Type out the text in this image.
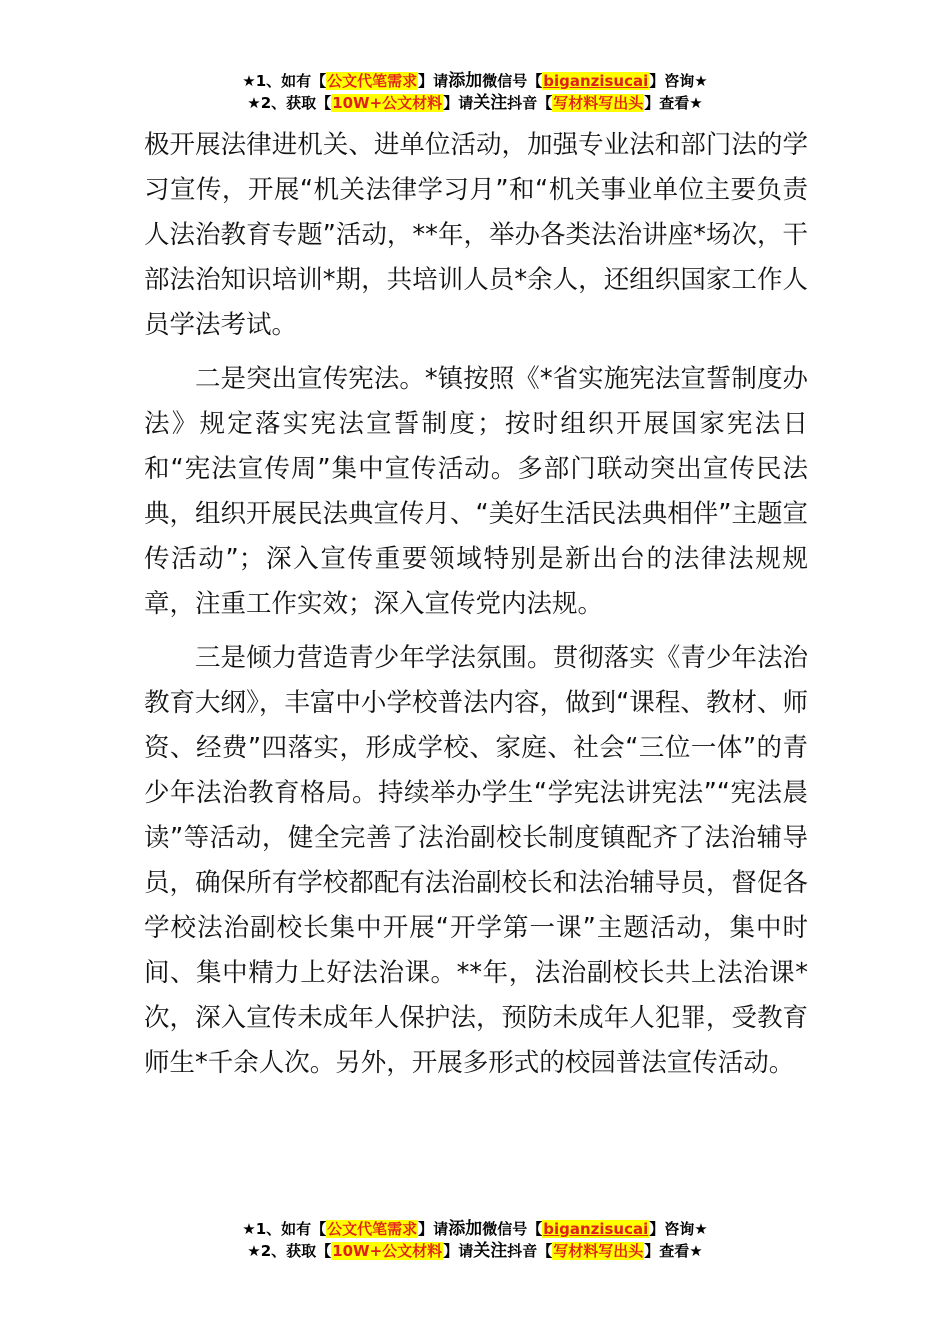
★1、如有【公文代笔需求】请添加微信号【biganzisucai】咨询★
★2、获取【10W+公文材料】请关注抖音【写材料写出头】查看★

极开展法律进机关、进单位活动，加强专业法和部门法的学习宣传，开展“机关法律学习月”和“机关事业单位主要负责人法治教育专题”活动，**年，举办各类法治讲座*场次，干部法治知识培训*期，共培训人员*余人，还组织国家工作人员学法考试。

二是突出宣传宪法。*镇按照《*省实施宪法宣誓制度办法》规定落实宪法宣誓制度；按时组织开展国家宪法日和“宪法宣传周”集中宣传活动。多部门联动突出宣传民法典，组织开展民法典宣传月、“美好生活民法典相伴”主题宣传活动”；深入宣传重要领域特别是新出台的法律法规规章，注重工作实效；深入宣传党内法规。

三是倾力营造青少年学法氛围。贯彻落实《青少年法治教育大纲》，丰富中小学校普法内容，做到“课程、教材、师资、经费”四落实，形成学校、家庭、社会“三位一体”的青少年法治教育格局。持续举办学生“学宪法讲宪法”“宪法晨读”等活动，健全完善了法治副校长制度镇配齐了法治辅导员，确保所有学校都配有法治副校长和法治辅导员，督促各学校法治副校长集中开展“开学第一课”主题活动，集中时间、集中精力上好法治课。**年，法治副校长共上法治课*次，深入宣传未成年人保护法，预防未成年人犯罪，受教育师生*千余人次。另外，开展多形式的校园普法宣传活动。

★1、如有【公文代笔需求】请添加微信号【biganzisucai】咨询★
★2、获取【10W+公文材料】请关注抖音【写材料写出头】查看★
